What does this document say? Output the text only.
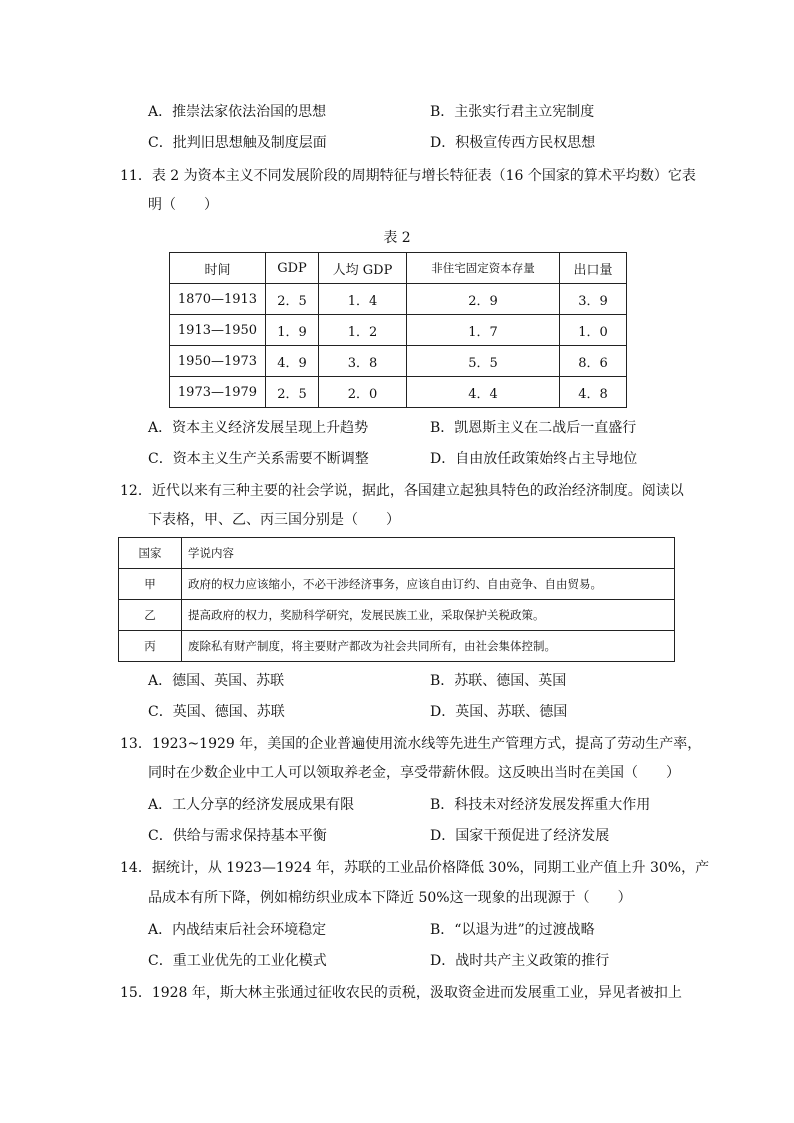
A．推崇法家依法治国的思想	B．主张实行君主立宪制度
C．批判旧思想触及制度层面	D．积极宣传西方民权思想
11．表 2 为资本主义不同发展阶段的周期特征与增长特征表（16 个国家的算术平均数）它表
明（　　）
表 2
时间	GDP	人均 GDP	非住宅固定资本存量	出口量
1870—1913	2．5	1．4	2．9	3．9
1913—1950	1．9	1．2	1．7	1．0
1950—1973	4．9	3．8	5．5	8．6
1973—1979	2．5	2．0	4．4	4．8
A．资本主义经济发展呈现上升趋势	B．凯恩斯主义在二战后一直盛行
C．资本主义生产关系需要不断调整	D．自由放任政策始终占主导地位
12．近代以来有三种主要的社会学说，据此，各国建立起独具特色的政治经济制度。阅读以
下表格，甲、乙、丙三国分别是（　　）
国家	学说内容
甲	政府的权力应该缩小，不必干涉经济事务，应该自由订约、自由竞争、自由贸易。
乙	提高政府的权力，奖励科学研究，发展民族工业，采取保护关税政策。
丙	废除私有财产制度，将主要财产都改为社会共同所有，由社会集体控制。
A．德国、英国、苏联	B．苏联、德国、英国
C．英国、德国、苏联	D．英国、苏联、德国
13．1923~1929 年，美国的企业普遍使用流水线等先进生产管理方式，提高了劳动生产率，
同时在少数企业中工人可以领取养老金，享受带薪休假。这反映出当时在美国（　　）
A．工人分享的经济发展成果有限	B．科技未对经济发展发挥重大作用
C．供给与需求保持基本平衡	D．国家干预促进了经济发展
14．据统计，从 1923—1924 年，苏联的工业品价格降低 30%，同期工业产值上升 30%，产
品成本有所下降，例如棉纺织业成本下降近 50%这一现象的出现源于（　　）
A．内战结束后社会环境稳定	B．“以退为进”的过渡战略
C．重工业优先的工业化模式	D．战时共产主义政策的推行
15．1928 年，斯大林主张通过征收农民的贡税，汲取资金进而发展重工业，异见者被扣上
